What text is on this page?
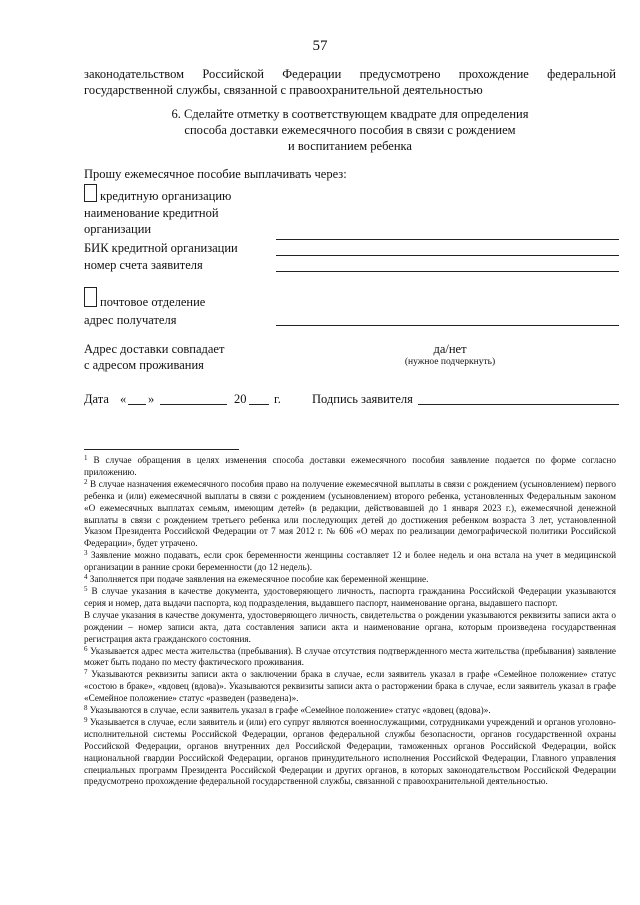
57
законодательством Российской Федерации предусмотрено прохождение федеральной
государственной службы, связанной с правоохранительной деятельностью
6. Сделайте отметку в соответствующем квадрате для определения
способа доставки ежемесячного пособия в связи с рождением
и воспитанием ребенка
Прошу ежемесячное пособие выплачивать через:
кредитную организацию
наименование кредитной
организации
БИК кредитной организации
номер счета заявителя
почтовое отделение
адрес получателя
Адрес доставки совпадает
с адресом проживания
да/нет
(нужное подчеркнуть)
Дата « »	20 г. Подпись заявителя

$^1$ В случае обращения в целях изменения способа доставки ежемесячного пособия заявление подается по форме согласно приложению.

$^2$ В случае назначения ежемесячного пособия право на получение ежемесячной выплаты в связи с рождением (усыновлением) первого ребенка и (или) ежемесячной выплаты в связи с рождением (усыновлением) второго ребенка, установленных Федеральным законом «О ежемесячных выплатах семьям, имеющим детей» (в редакции, действовавшей до 1 января 2023 г.), ежемесячной денежной выплаты в связи с рождением третьего ребенка или последующих детей до достижения ребенком возраста 3 лет, установленной Указом Президента Российской Федерации от 7 мая 2012 г. № 606 «О мерах по реализации демографической политики Российской Федерации», будет утрачено.

$^3$ Заявление можно подавать, если срок беременности женщины составляет 12 и более недель и она встала на учет в медицинской организации в ранние сроки беременности (до 12 недель).

$^4$ Заполняется при подаче заявления на ежемесячное пособие как беременной женщине.

$^5$ В случае указания в качестве документа, удостоверяющего личность, паспорта гражданина Российской Федерации указываются серия и номер, дата выдачи паспорта, код подразделения, выдавшего паспорт, наименование органа, выдавшего паспорт.

В случае указания в качестве документа, удостоверяющего личность, свидетельства о рождении указываются реквизиты записи акта о рождении – номер записи акта, дата составления записи акта и наименование органа, которым произведена государственная регистрация акта гражданского состояния.

$^6$ Указывается адрес места жительства (пребывания). В случае отсутствия подтвержденного места жительства (пребывания) заявление может быть подано по месту фактического проживания.

$^7$ Указываются реквизиты записи акта о заключении брака в случае, если заявитель указал в графе «Семейное положение» статус «состою в браке», «вдовец (вдова)». Указываются реквизиты записи акта о расторжении брака в случае, если заявитель указал в графе «Семейное положение» статус «разведен (разведена)».

$^8$ Указываются в случае, если заявитель указал в графе «Семейное положение» статус «вдовец (вдова)».

$^9$ Указывается в случае, если заявитель и (или) его супруг являются военнослужащими, сотрудниками учреждений и органов уголовно-исполнительной системы Российской Федерации, органов федеральной службы безопасности, органов государственной охраны Российской Федерации, органов внутренних дел Российской Федерации, таможенных органов Российской Федерации, войск национальной гвардии Российской Федерации, органов принудительного исполнения Российской Федерации, Главного управления специальных программ Президента Российской Федерации и других органов, в которых законодательством Российской Федерации предусмотрено прохождение федеральной государственной службы, связанной с правоохранительной деятельностью.
